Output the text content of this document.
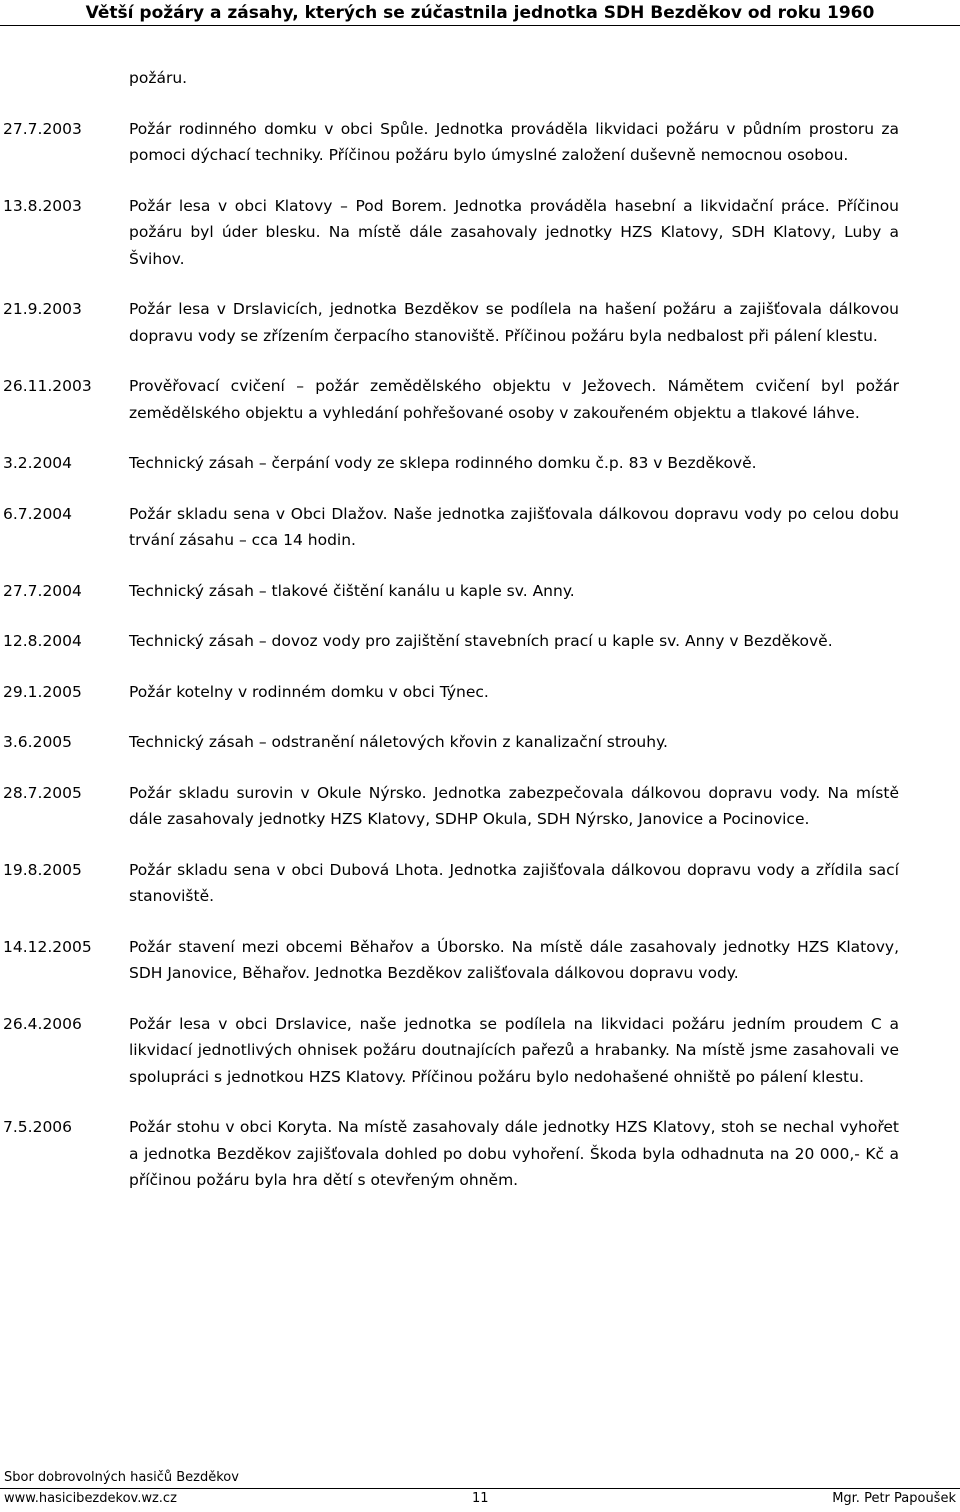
Větší požáry a zásahy, kterých se zúčastnila jednotka SDH Bezděkov od roku 1960
požáru.
27.7.2003	Požár rodinného domku v obci Spůle. Jednotka prováděla likvidaci požáru v půdním prostoru za pomoci dýchací techniky. Příčinou požáru bylo úmyslné založení duševně nemocnou osobou.
13.8.2003	Požár lesa v obci Klatovy – Pod Borem. Jednotka prováděla hasební a likvidační práce. Příčinou požáru byl úder blesku. Na místě dále zasahovaly jednotky HZS Klatovy, SDH Klatovy, Luby a Švihov.
21.9.2003	Požár lesa v Drslavicích, jednotka Bezděkov se podílela na hašení požáru a zajišťovala dálkovou dopravu vody se zřízením čerpacího stanoviště. Příčinou požáru byla nedbalost při pálení klestu.
26.11.2003	Prověřovací cvičení – požár zemědělského objektu v Ježovech. Námětem cvičení byl požár zemědělského objektu a vyhledání pohřešované osoby v zakouřeném objektu a tlakové láhve.
3.2.2004	Technický zásah – čerpání vody ze sklepa rodinného domku č.p. 83 v Bezděkově.
6.7.2004	Požár skladu sena v Obci Dlažov. Naše jednotka zajišťovala dálkovou dopravu vody po celou dobu trvání zásahu – cca 14 hodin.
27.7.2004	Technický zásah – tlakové čištění kanálu u kaple sv. Anny.
12.8.2004	Technický zásah – dovoz vody pro zajištění stavebních prací u kaple sv. Anny v Bezděkově.
29.1.2005	Požár kotelny v rodinném domku v obci Týnec.
3.6.2005	Technický zásah – odstranění náletových křovin z kanalizační strouhy.
28.7.2005	Požár skladu surovin v Okule Nýrsko. Jednotka zabezpečovala dálkovou dopravu vody. Na místě dále zasahovaly jednotky HZS Klatovy, SDHP Okula, SDH Nýrsko, Janovice a Pocinovice.
19.8.2005	Požár skladu sena v obci Dubová Lhota. Jednotka zajišťovala dálkovou dopravu vody a zřídila sací stanoviště.
14.12.2005	Požár stavení mezi obcemi Běhařov a Úborsko. Na místě dále zasahovaly jednotky HZS Klatovy, SDH Janovice, Běhařov. Jednotka Bezděkov zališťovala dálkovou dopravu vody.
26.4.2006	Požár lesa v obci Drslavice, naše jednotka se podílela na likvidaci požáru jedním proudem C a likvidací jednotlivých ohnisek požáru doutnajících pařezů a hrabanky. Na místě jsme zasahovali ve spolupráci s jednotkou HZS Klatovy. Příčinou požáru bylo nedohašené ohniště po pálení klestu.
7.5.2006	Požár stohu v obci Koryta. Na místě zasahovaly dále jednotky HZS Klatovy, stoh se nechal vyhořet a jednotka Bezděkov zajišťovala dohled po dobu vyhoření. Škoda byla odhadnuta na 20 000,- Kč a příčinou požáru byla hra dětí s otevřeným ohněm.
Sbor dobrovolných hasičů Bezděkov
www.hasicibezdekov.wz.cz	11	Mgr. Petr Papoušek
